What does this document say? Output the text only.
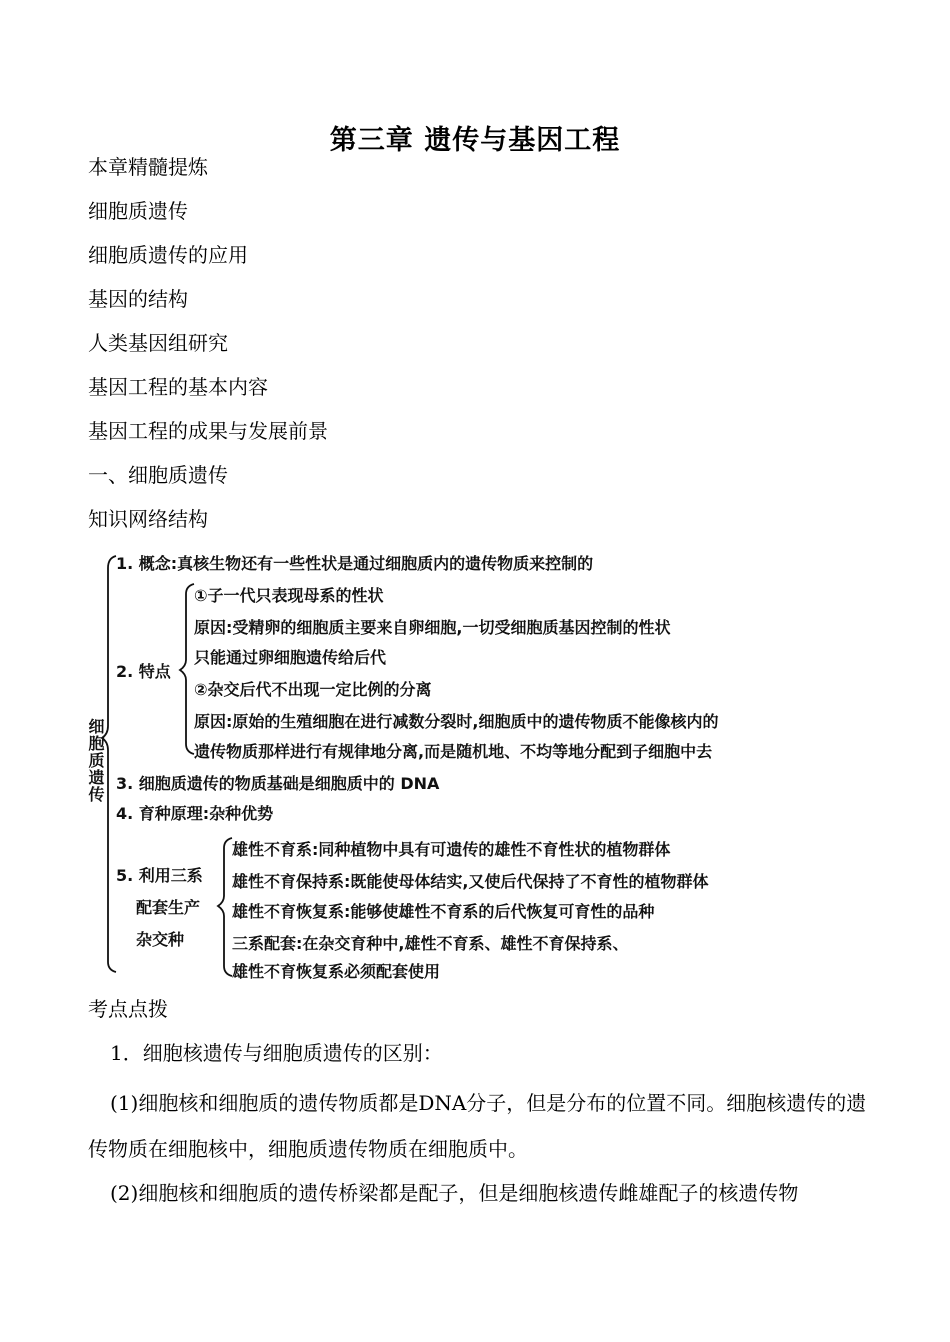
第三章 遗传与基因工程
本章精髓提炼
细胞质遗传
细胞质遗传的应用
基因的结构
人类基因组研究
基因工程的基本内容
基因工程的成果与发展前景
一、细胞质遗传
知识网络结构
细胞质遗传
1. 概念:真核生物还有一些性状是通过细胞质内的遗传物质来控制的
2. 特点
①子一代只表现母系的性状
原因:受精卵的细胞质主要来自卵细胞,一切受细胞质基因控制的性状
只能通过卵细胞遗传给后代
②杂交后代不出现一定比例的分离
原因:原始的生殖细胞在进行减数分裂时,细胞质中的遗传物质不能像核内的
遗传物质那样进行有规律地分离,而是随机地、不均等地分配到子细胞中去
3. 细胞质遗传的物质基础是细胞质中的 DNA
4. 育种原理:杂种优势
5. 利用三系
配套生产
杂交种
雄性不育系:同种植物中具有可遗传的雄性不育性状的植物群体
雄性不育保持系:既能使母体结实,又使后代保持了不育性的植物群体
雄性不育恢复系:能够使雄性不育系的后代恢复可育性的品种
三系配套:在杂交育种中,雄性不育系、雄性不育保持系、
雄性不育恢复系必须配套使用
考点点拨
1．细胞核遗传与细胞质遗传的区别：
(1)细胞核和细胞质的遗传物质都是DNA分子，但是分布的位置不同。细胞核遗传的遗传物质在细胞核中，细胞质遗传物质在细胞质中。
(2)细胞核和细胞质的遗传桥梁都是配子，但是细胞核遗传雌雄配子的核遗传物
